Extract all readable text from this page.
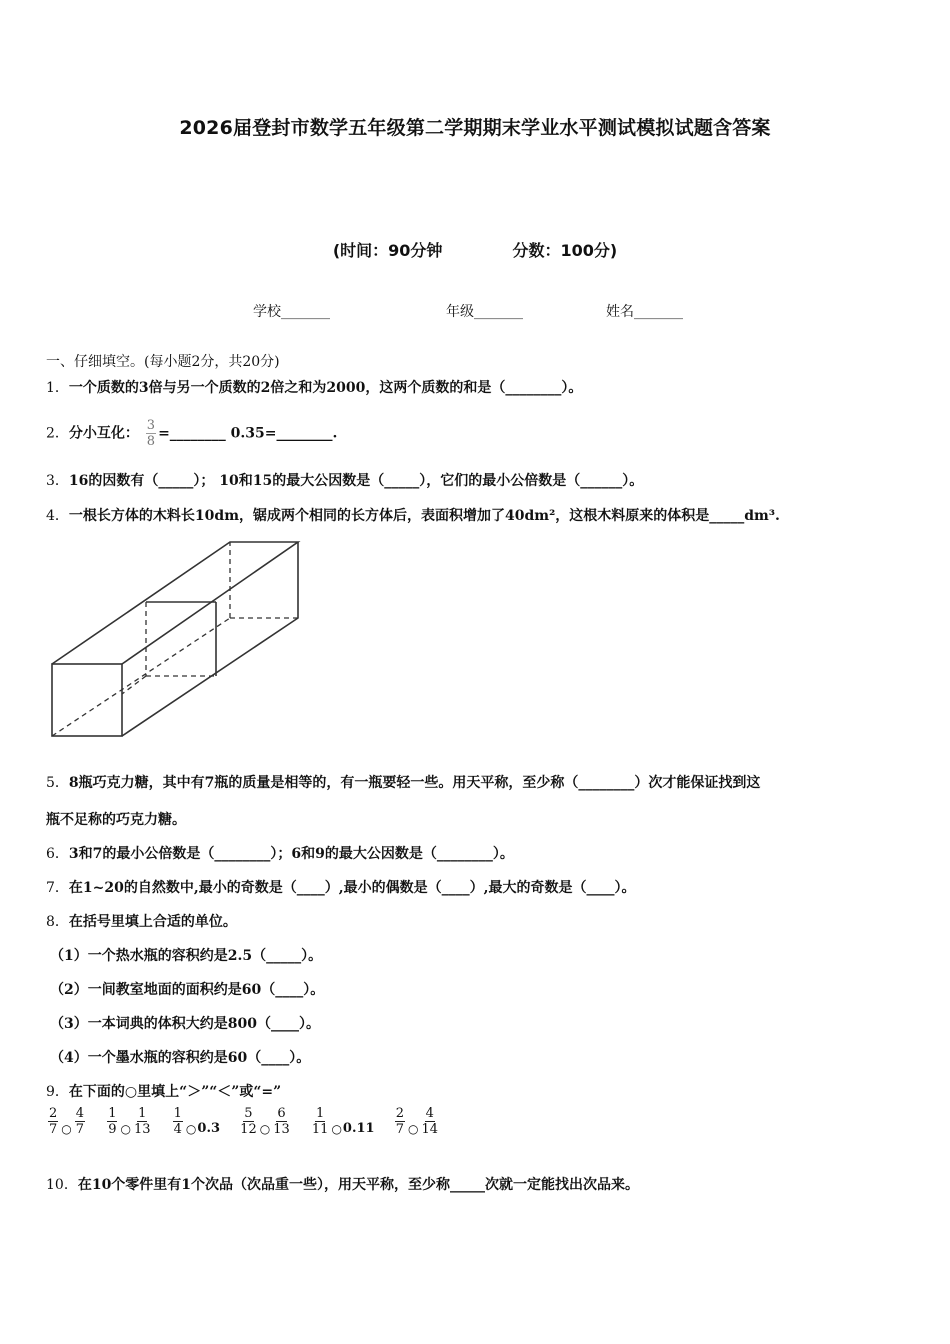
2026届登封市数学五年级第二学期期末学业水平测试模拟试题含答案
(时间：90分钟	分数：100分)
学校_______	年级_______	姓名_______
一、仔细填空。(每小题2分，共20分)
1．一个质数的3倍与另一个质数的2倍之和为2000，这两个质数的和是（________）。
2．分小互化： $\frac{3}{8}$ =________ 0.35=________.
3．16的因数有（_____）； 10和15的最大公因数是（_____），它们的最小公倍数是（______）。
4．一根长方体的木料长10dm，锯成两个相同的长方体后，表面积增加了40dm²，这根木料原来的体积是_____dm³.
5．8瓶巧克力糖，其中有7瓶的质量是相等的，有一瓶要轻一些。用天平称，至少称（________）次才能保证找到这
瓶不足称的巧克力糖。
6．3和7的最小公倍数是（________）；6和9的最大公因数是（________）。
7．在1~20的自然数中,最小的奇数是（____）,最小的偶数是（____）,最大的奇数是（____）。
8．在括号里填上合适的单位。
（1）一个热水瓶的容积约是2.5（_____）。
（2）一间教室地面的面积约是60（____）。
（3）一本词典的体积大约是800（____）。
（4）一个墨水瓶的容积约是60（____）。
9．在下面的○里填上“＞”“＜”或“=”
$\frac{2}{7}$ ○ $\frac{4}{7}$
$\frac{1}{9}$ ○ $\frac{1}{13}$
$\frac{1}{4}$ ○ 0.3
$\frac{5}{12}$ ○ $\frac{6}{13}$
$\frac{1}{11}$ ○ 0.11
$\frac{2}{7}$ ○ $\frac{4}{14}$
10．在10个零件里有1个次品（次品重一些），用天平称，至少称_____次就一定能找出次品来。
